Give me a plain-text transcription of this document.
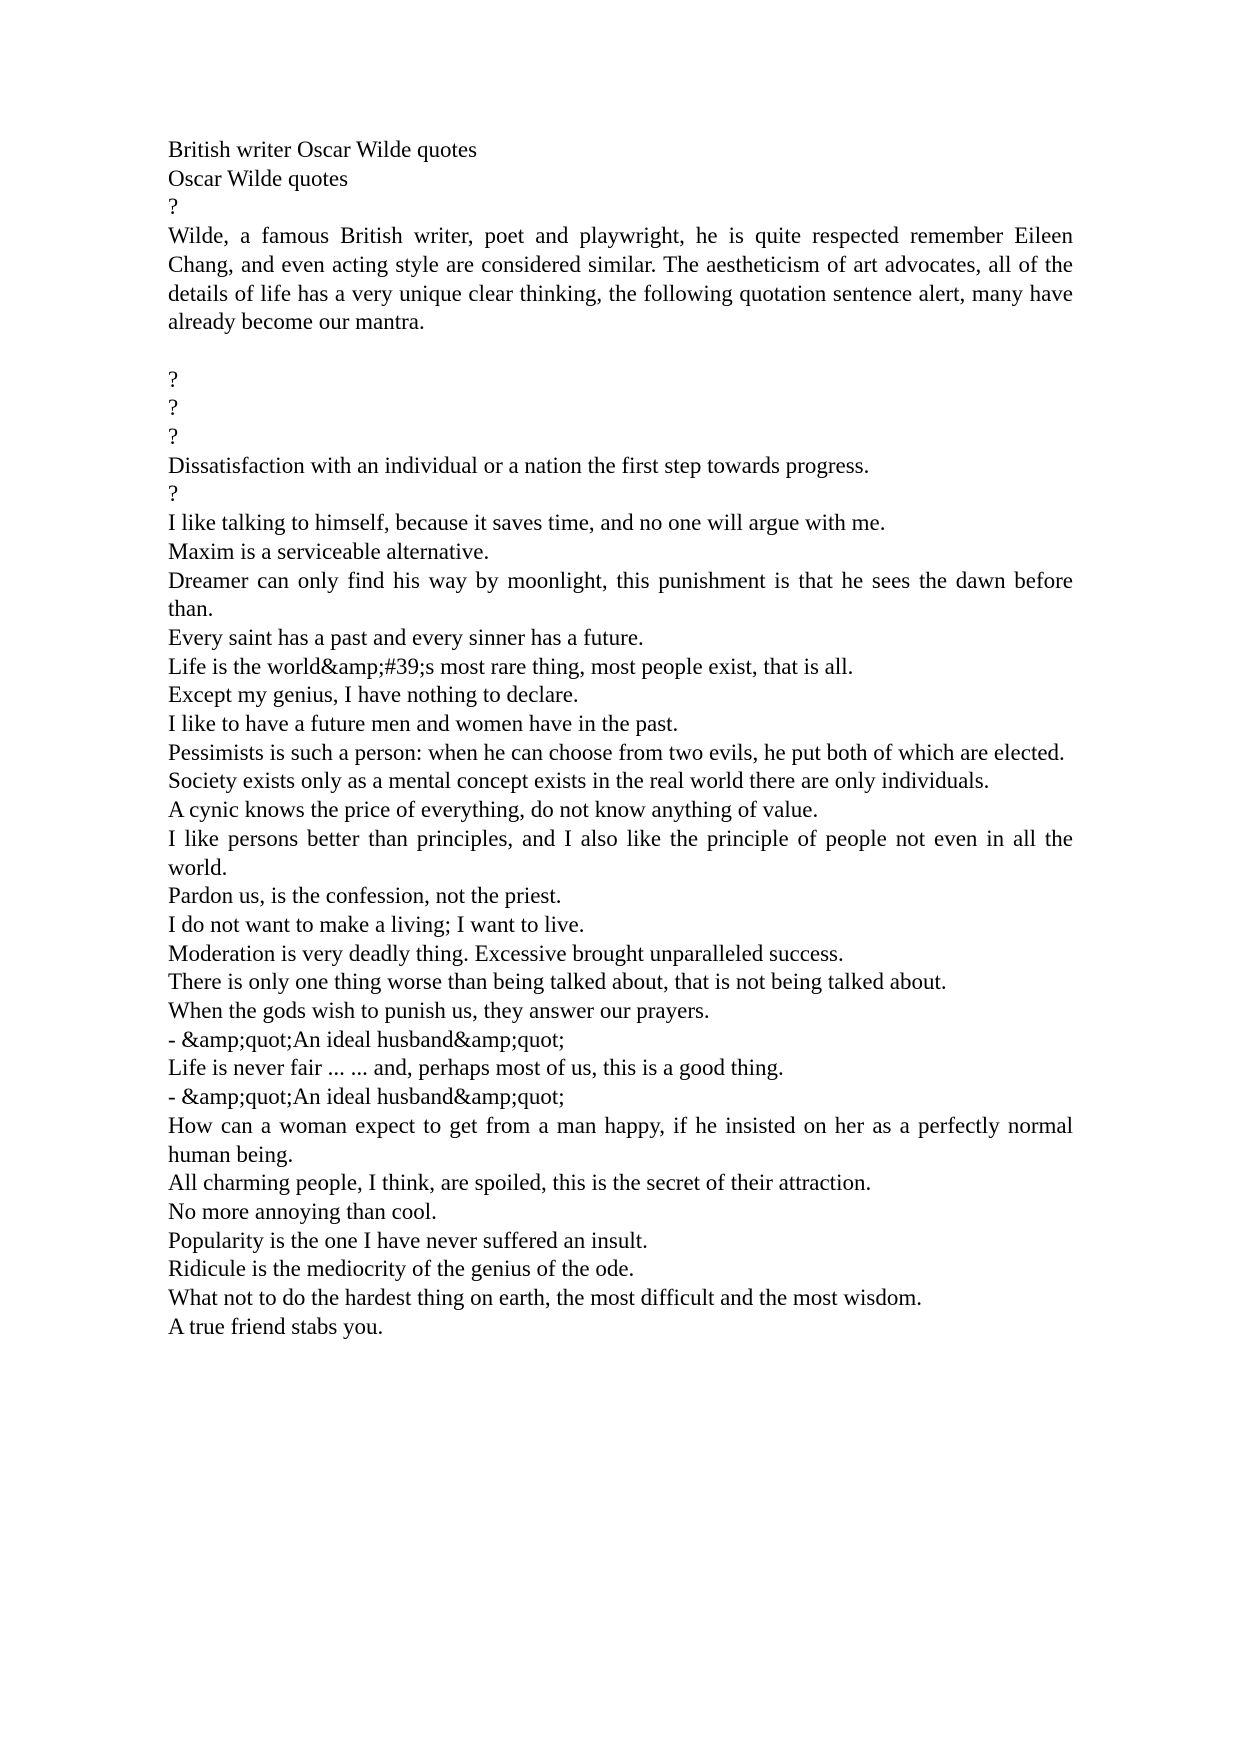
British writer Oscar Wilde quotes

Oscar Wilde quotes

?

Wilde, a famous British writer, poet and playwright, he is quite respected remember Eileen Chang, and even acting style are considered similar. The aestheticism of art advocates, all of the details of life has a very unique clear thinking, the following quotation sentence alert, many have already become our mantra.

?

?

?

Dissatisfaction with an individual or a nation the first step towards progress.

?

I like talking to himself, because it saves time, and no one will argue with me.

Maxim is a serviceable alternative.

Dreamer can only find his way by moonlight, this punishment is that he sees the dawn before than.

Every saint has a past and every sinner has a future.

Life is the world&amp;#39;s most rare thing, most people exist, that is all.

Except my genius, I have nothing to declare.

I like to have a future men and women have in the past.

Pessimists is such a person: when he can choose from two evils, he put both of which are elected.

Society exists only as a mental concept exists in the real world there are only individuals.

A cynic knows the price of everything, do not know anything of value.

I like persons better than principles, and I also like the principle of people not even in all the world.

Pardon us, is the confession, not the priest.

I do not want to make a living; I want to live.

Moderation is very deadly thing. Excessive brought unparalleled success.

There is only one thing worse than being talked about, that is not being talked about.

When the gods wish to punish us, they answer our prayers.

- &amp;quot;An ideal husband&amp;quot;

Life is never fair ... ... and, perhaps most of us, this is a good thing.

- &amp;quot;An ideal husband&amp;quot;

How can a woman expect to get from a man happy, if he insisted on her as a perfectly normal human being.

All charming people, I think, are spoiled, this is the secret of their attraction.

No more annoying than cool.

Popularity is the one I have never suffered an insult.

Ridicule is the mediocrity of the genius of the ode.

What not to do the hardest thing on earth, the most difficult and the most wisdom.

A true friend stabs you.
